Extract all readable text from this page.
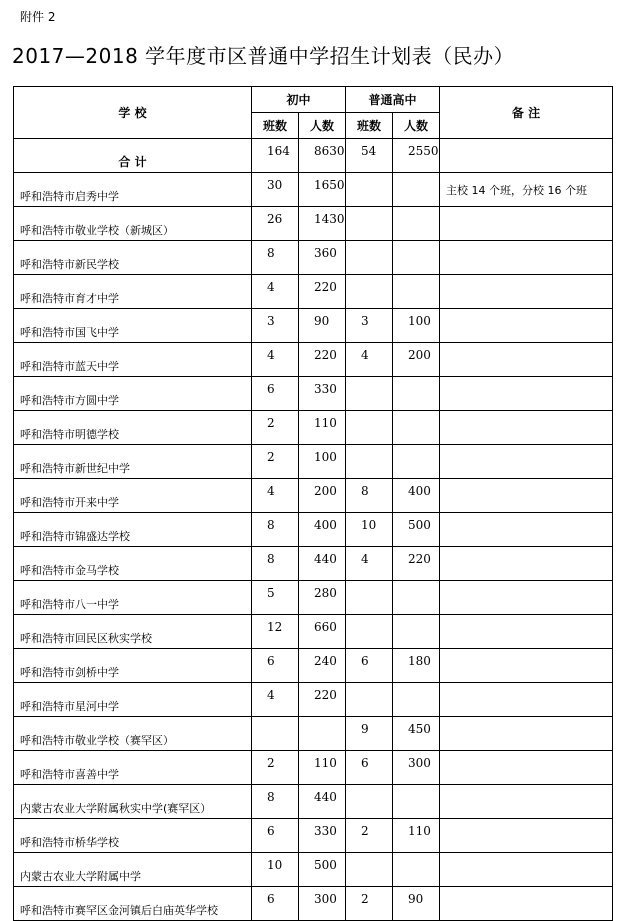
附件 2
2017—2018 学年度市区普通中学招生计划表（民办）
学 校	初中		普通高中		备 注
	班数	人数	班数	人数	
合 计	164	8630	54	2550	
呼和浩特市启秀中学	30	1650			主校 14 个班，分校 16 个班
呼和浩特市敬业学校（新城区）	26	1430			
呼和浩特市新民学校	8	360			
呼和浩特市育才中学	4	220			
呼和浩特市国飞中学	3	90	3	100	
呼和浩特市蓝天中学	4	220	4	200	
呼和浩特市方圆中学	6	330			
呼和浩特市明德学校	2	110			
呼和浩特市新世纪中学	2	100			
呼和浩特市开来中学	4	200	8	400	
呼和浩特市锦盛达学校	8	400	10	500	
呼和浩特市金马学校	8	440	4	220	
呼和浩特市八一中学	5	280			
呼和浩特市回民区秋实学校	12	660			
呼和浩特市剑桥中学	6	240	6	180	
呼和浩特市星河中学	4	220			
呼和浩特市敬业学校（赛罕区）			9	450	
呼和浩特市喜善中学	2	110	6	300	
内蒙古农业大学附属秋实中学(赛罕区）	8	440			
呼和浩特市桥华学校	6	330	2	110	
内蒙古农业大学附属中学	10	500			
呼和浩特市赛罕区金河镇后白庙英华学校	6	300	2	90	
